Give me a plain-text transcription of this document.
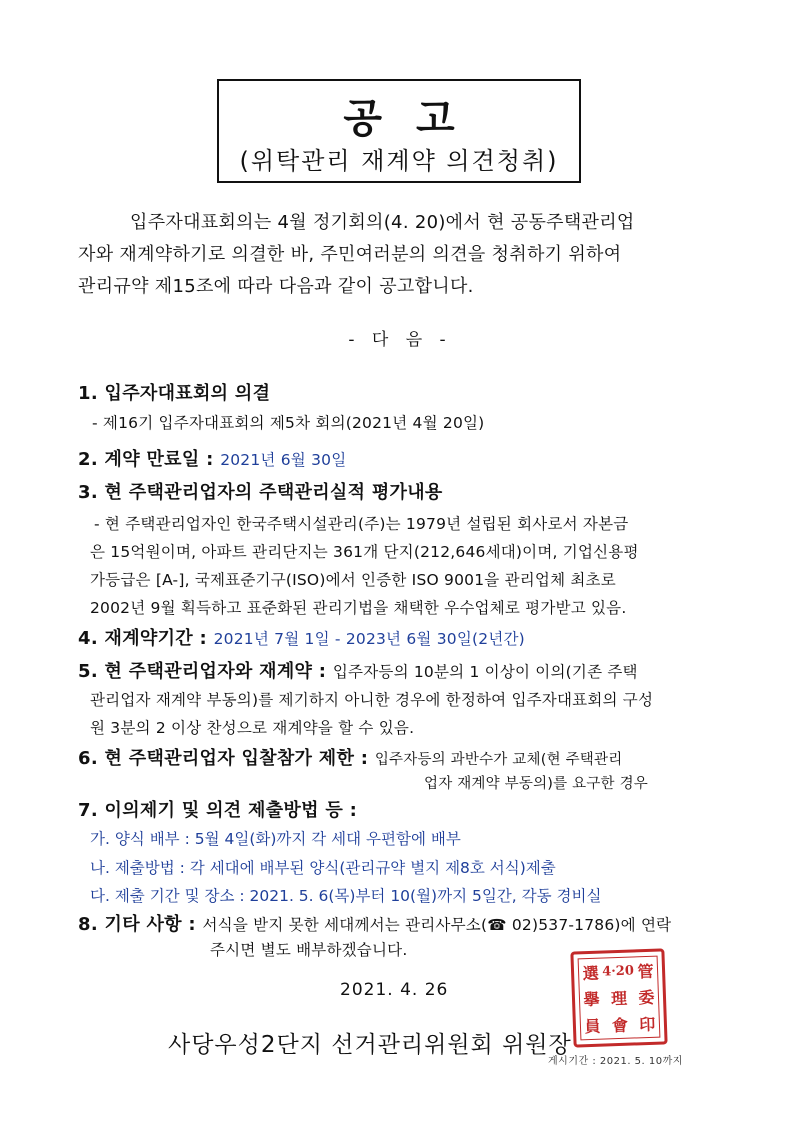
공고
(위탁관리 재계약 의견청취)
입주자대표회의는 4월 정기회의(4. 20)에서 현 공동주택관리업
자와 재계약하기로 의결한 바, 주민여러분의 의견을 청취하기 위하여
관리규약 제15조에 따라 다음과 같이 공고합니다.
- 다 음 -
1. 입주자대표회의 의결
- 제16기 입주자대표회의 제5차 회의(2021년 4월 20일)
2. 계약 만료일 : 2021년 6월 30일
3. 현 주택관리업자의 주택관리실적 평가내용
- 현 주택관리업자인 한국주택시설관리(주)는 1979년 설립된 회사로서 자본금
은 15억원이며, 아파트 관리단지는 361개 단지(212,646세대)이며, 기업신용평
가등급은 [A-], 국제표준기구(ISO)에서 인증한 ISO 9001을 관리업체 최초로
2002년 9월 획득하고 표준화된 관리기법을 채택한 우수업체로 평가받고 있음.
4. 재계약기간 : 2021년 7월 1일 - 2023년 6월 30일(2년간)
5. 현 주택관리업자와 재계약 : 입주자등의 10분의 1 이상이 이의(기존 주택
관리업자 재계약 부동의)를 제기하지 아니한 경우에 한정하여 입주자대표회의 구성
원 3분의 2 이상 찬성으로 재계약을 할 수 있음.
6. 현 주택관리업자 입찰참가 제한 : 입주자등의 과반수가 교체(현 주택관리
업자 재계약 부동의)를 요구한 경우
7. 이의제기 및 의견 제출방법 등 :
가. 양식 배부 : 5월 4일(화)까지 각 세대 우편함에 배부
나. 제출방법 : 각 세대에 배부된 양식(관리규약 별지 제8호 서식)제출
다. 제출 기간 및 장소 : 2021. 5. 6(목)부터 10(월)까지 5일간, 각동 경비실
8. 기타 사항 : 서식을 받지 못한 세대께서는 관리사무소(☎ 02)537-1786)에 연락
주시면 별도 배부하겠습니다.
選 4·20 管
擧 理 委
員 會 印
2021. 4. 26
사당우성2단지 선거관리위원회 위원장
게시기간 : 2021. 5. 10까지
